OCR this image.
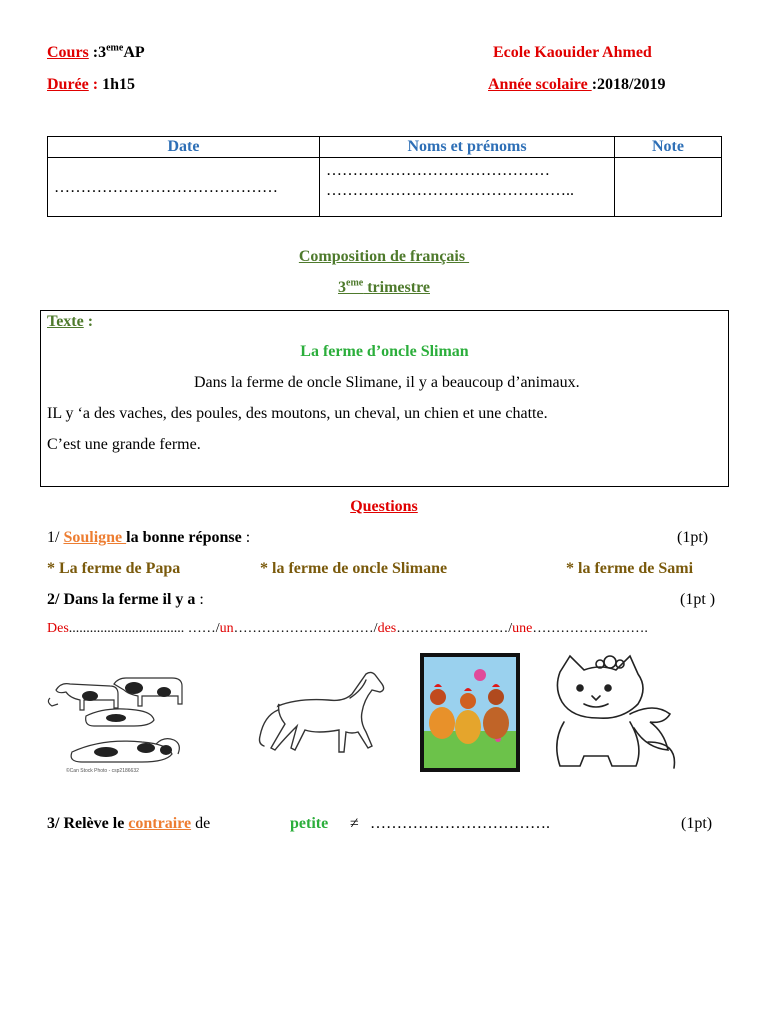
Cours :3emeAP
Durée : 1h15
Ecole Kaouider Ahmed
Année scolaire :2018/2019
Date	Noms et prénoms	Note

……………………………………	……………………………………
………………………………………..	

Composition de français
3eme trimestre
Texte :
La ferme d’oncle Sliman
Dans la ferme de oncle Slimane, il y a beaucoup d’animaux.
IL y ‘a des vaches, des poules, des moutons, un cheval, un chien et une chatte.
C’est une grande ferme.
Questions
1/ Souligne la bonne réponse :	(1pt)
* La ferme de Papa	* la ferme de oncle Slimane	* la ferme de Sami
2/ Dans la ferme il y a :	(1pt )
Des................................. ……/un…………………………/des……………………/une…………………….
©Can Stock Photo - csp2186632
3/ Relève le contraire de	petite ≠ …………………………….	(1pt)
